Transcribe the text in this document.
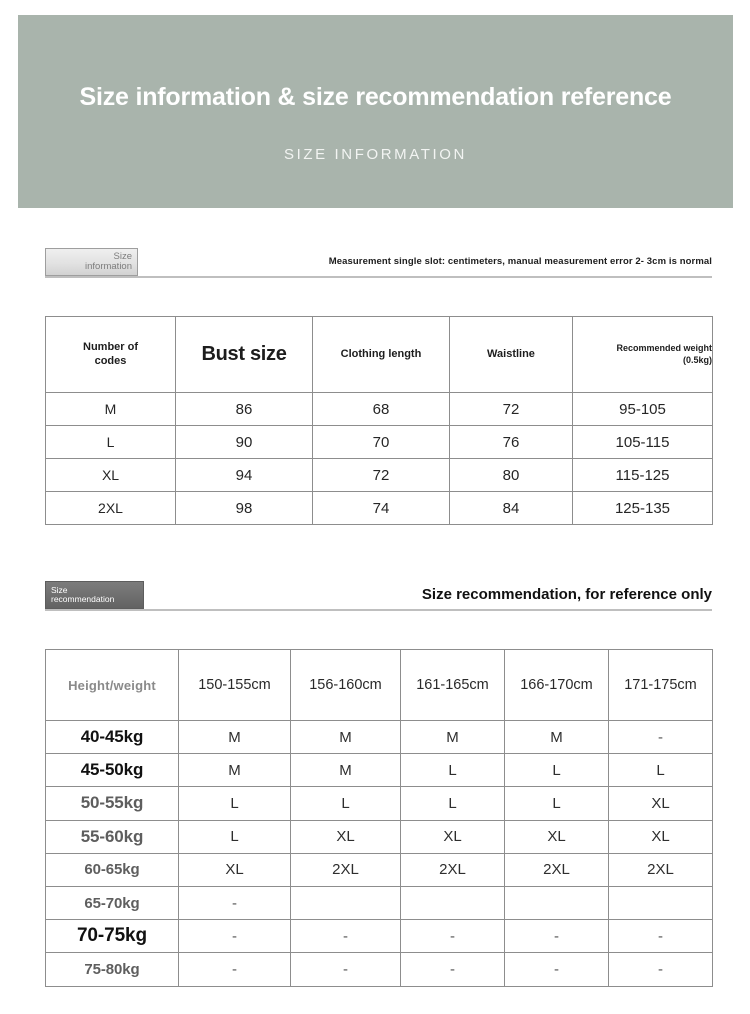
Size information & size recommendation reference
SIZE INFORMATION
Size
information	Measurement single slot: centimeters, manual measurement error 2- 3cm is normal
Number of
codes	Bust size	Clothing length	Waistline	Recommended weight
(0.5kg)

M	86	68	72	95-105
L	90	70	76	105-115
XL	94	72	80	115-125
2XL	98	74	84	125-135
Size
recommendation	Size recommendation, for reference only
Height/weight	150-155cm	156-160cm	161-165cm	166-170cm	171-175cm
40-45kg	M	M	M	M	-
45-50kg	M	M	L	L	L
50-55kg	L	L	L	L	XL
55-60kg	L	XL	XL	XL	XL
60-65kg	XL	2XL	2XL	2XL	2XL
65-70kg	-				
70-75kg	-	-	-	-	-
75-80kg	-	-	-	-	-
